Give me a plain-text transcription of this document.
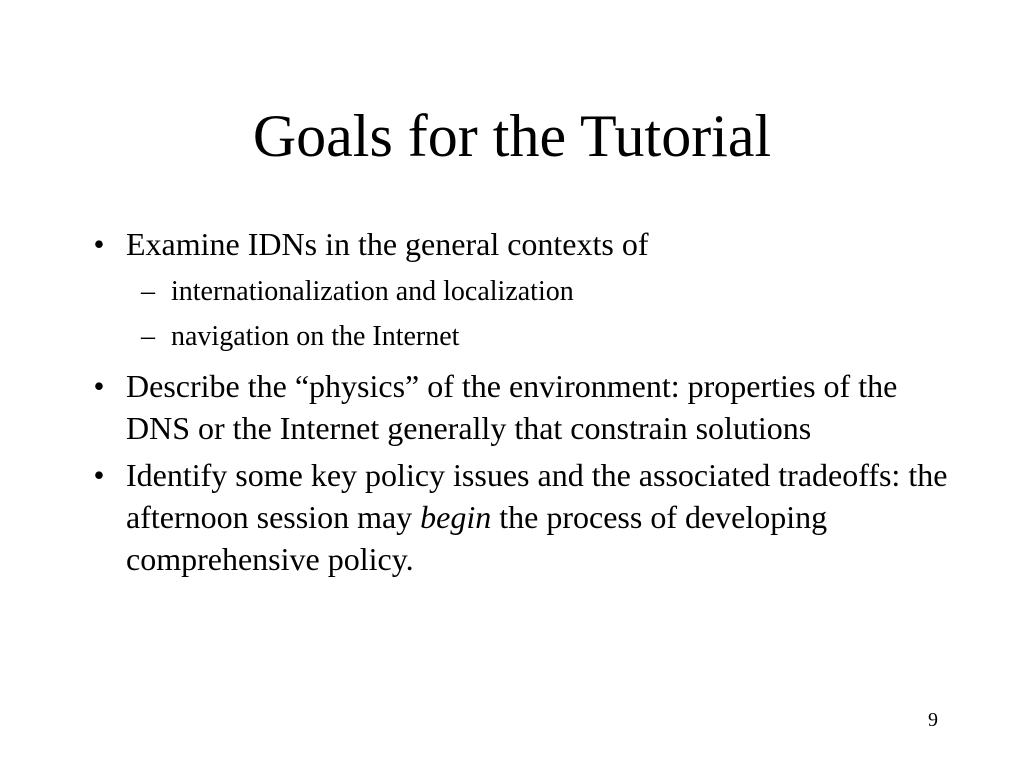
Goals for the Tutorial
• Examine IDNs in the general contexts of
– internationalization and localization
– navigation on the Internet
• Describe the “physics” of the environment: properties of the DNS or the Internet generally that constrain solutions
• Identify some key policy issues and the associated tradeoffs: the afternoon session may begin the process of developing comprehensive policy.
9
